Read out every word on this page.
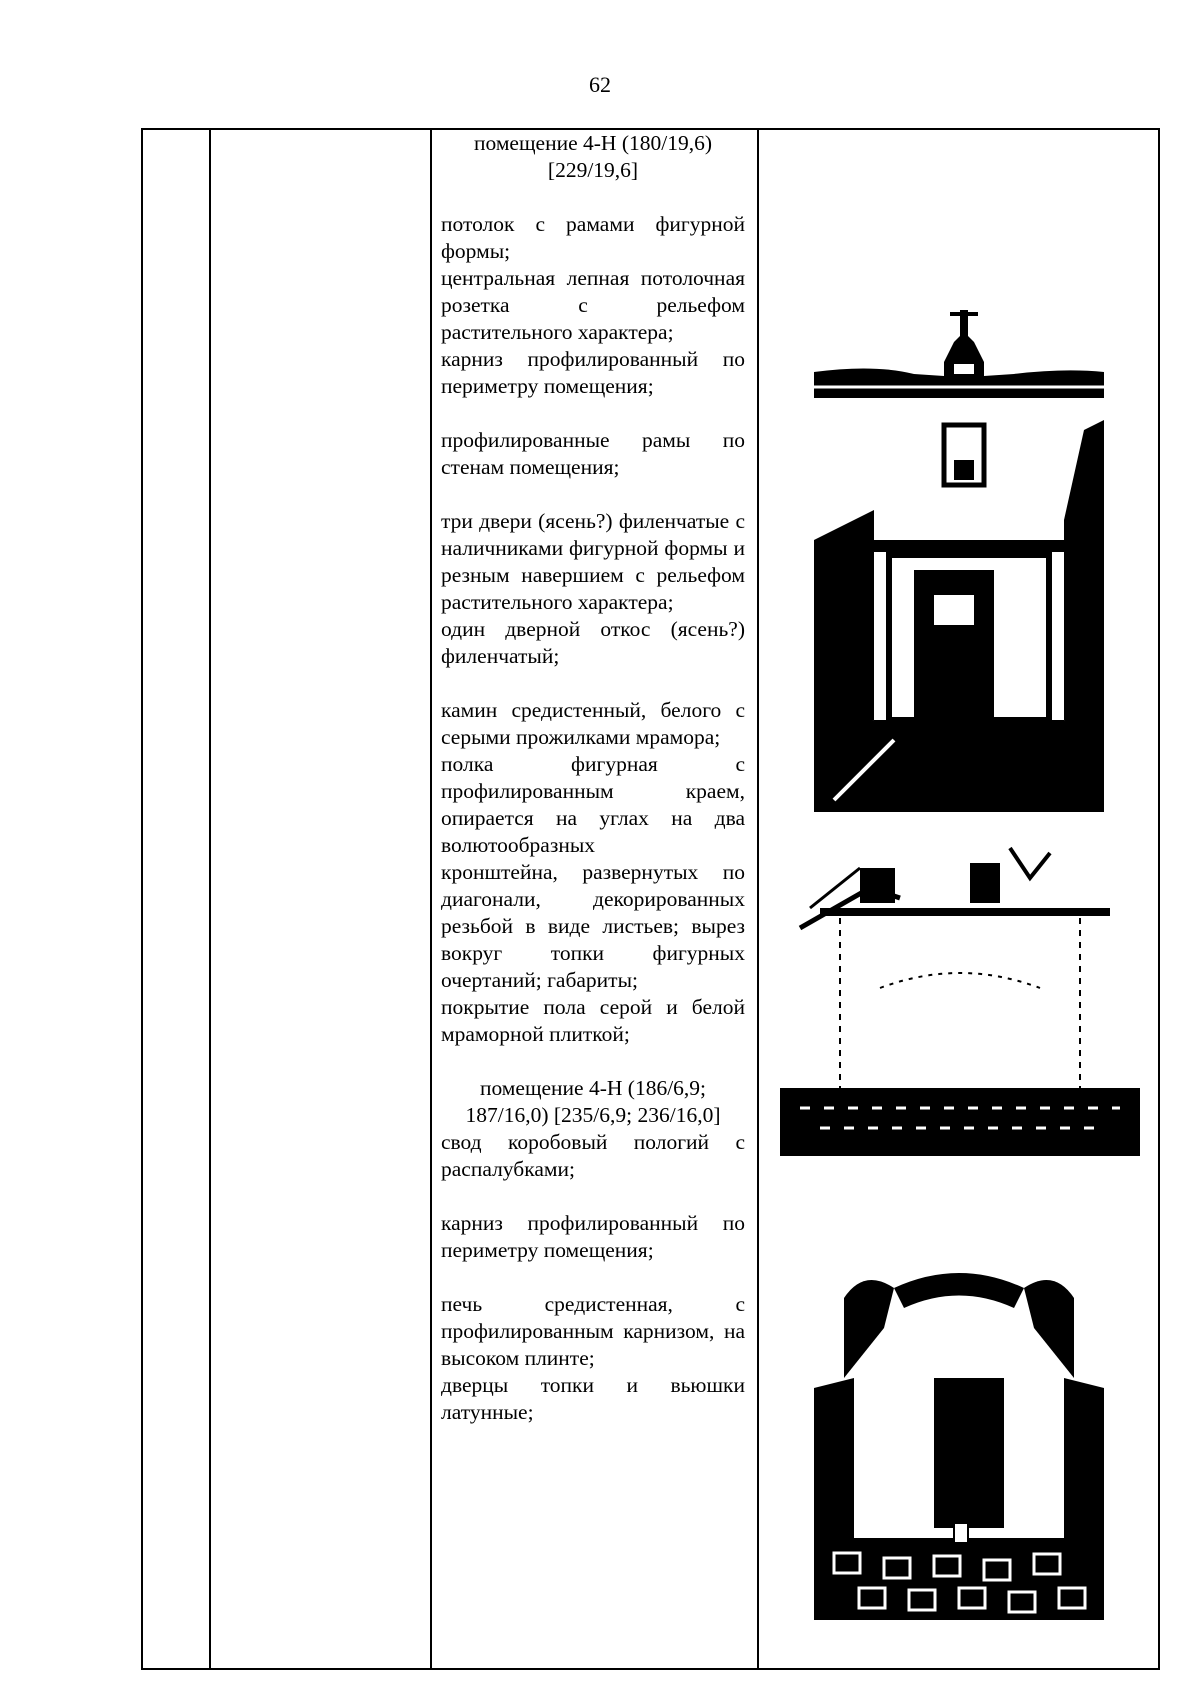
62

помещение 4-Н (180/19,6) [229/19,6]

потолок с рамами фигурной формы;

центральная лепная потолочная розетка с рельефом растительного характера;

карниз профилированный по периметру помещения;

профилированные рамы по стенам помещения;

три двери (ясень?) филенчатые с наличниками фигурной формы и резным навершием с рельефом растительного характера;

один дверной откос (ясень?) филенчатый;

камин средистенный, белого с серыми прожилками мрамора;

полка фигурная с профилированным краем, опирается на углах на два волютообразных

кронштейна, развернутых по диагонали, декорированных резьбой в виде листьев; вырез вокруг топки фигурных очертаний; габариты;

покрытие пола серой и белой мраморной плиткой;

помещение 4-Н (186/6,9; 187/16,0) [235/6,9; 236/16,0]

свод коробовый пологий с распалубками;

карниз профилированный по периметру помещения;

печь средистенная, с профилированным карнизом, на высоком плинте;

дверцы топки и вьюшки латунные;
